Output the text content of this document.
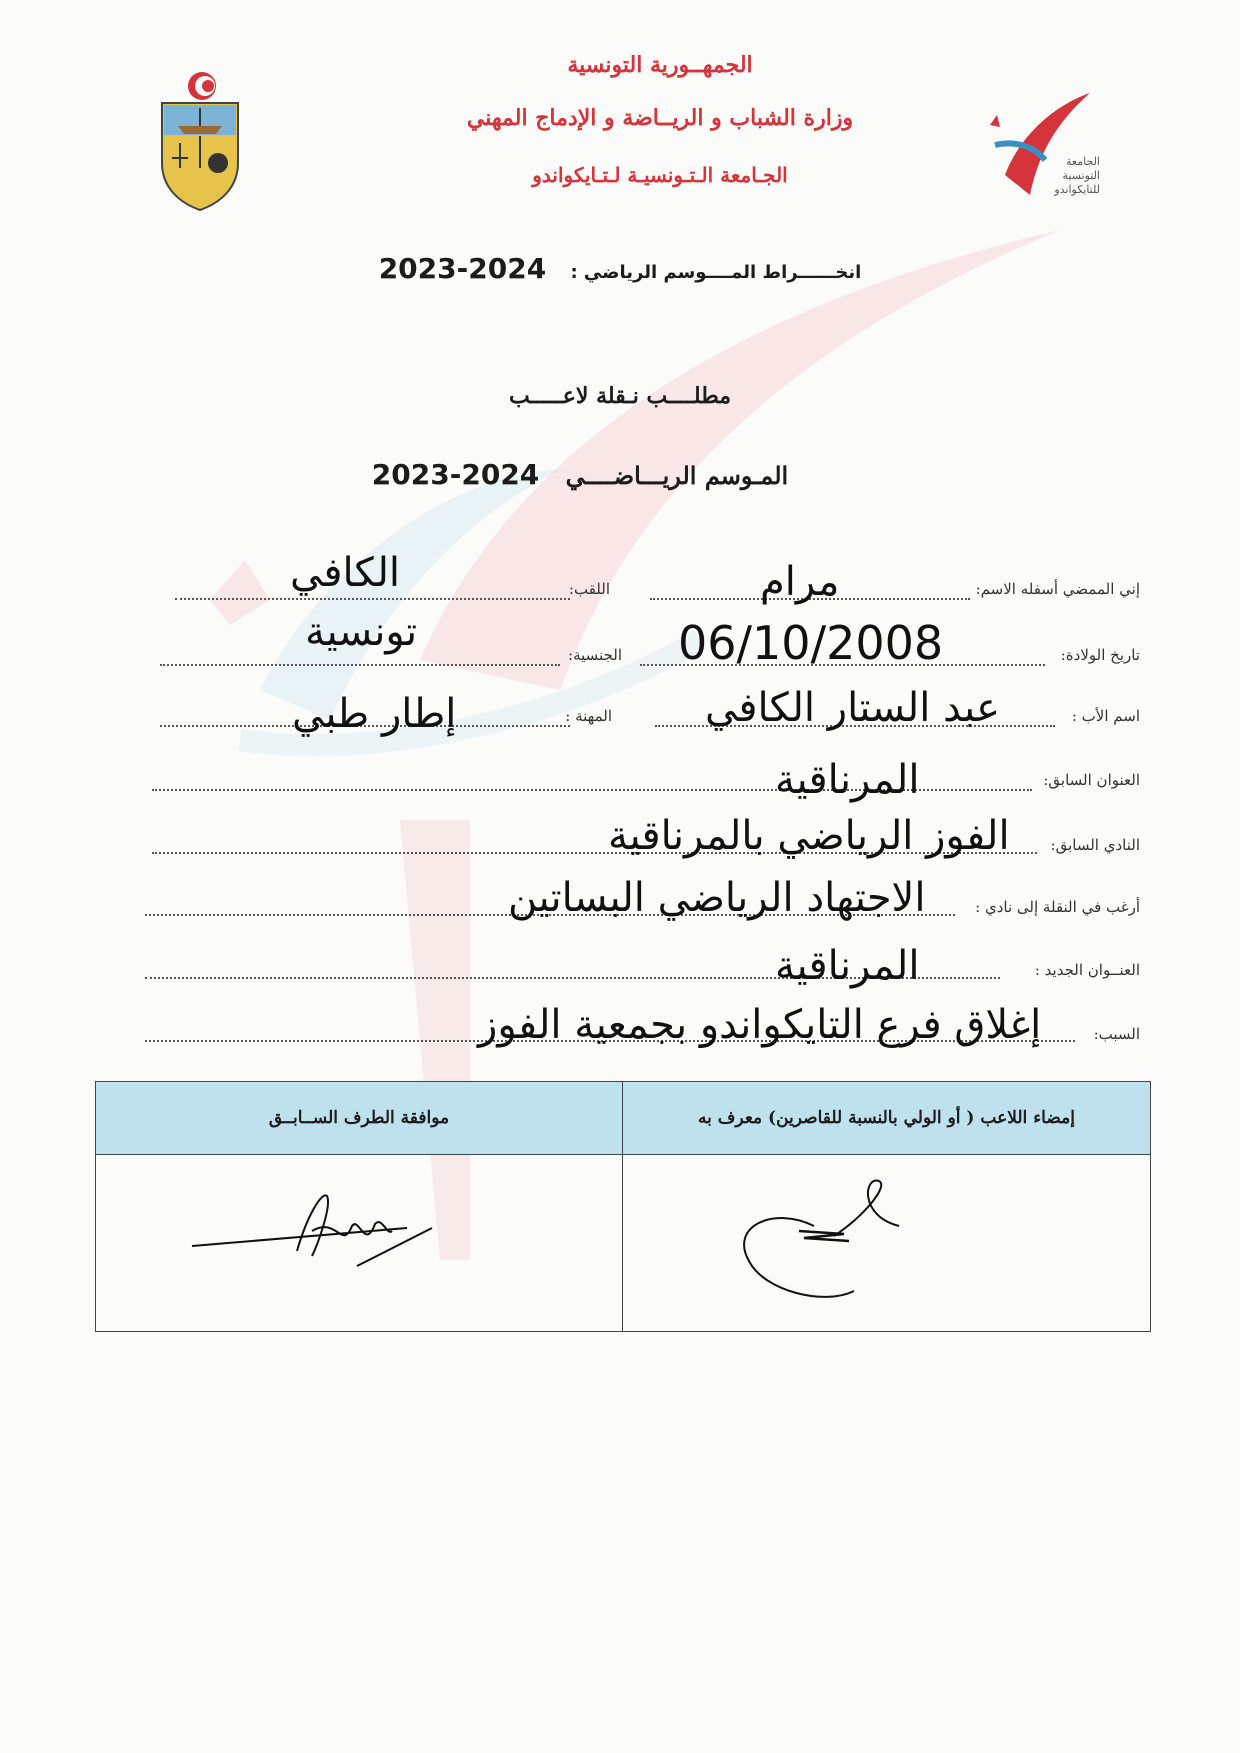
الجامعة التونسية للتايكواندو
الجمهــورية التونسية
وزارة الشباب و الريــاضة و الإدماج المهني
الجـامعة الـتـونسيـة لـتـايكواندو
انخــــــراط المــــوسم الرياضي : 2024-2023
مطلــــب نـقلة لاعـــــب
المـوسم الريـــاضــــي 2024-2023
إني الممضي أسفله الاسم:
مرام
اللقب:
الكافي
تاريخ الولادة:
06/10/2008
الجنسية:
تونسية
اسم الأب :
عبد الستار الكافي
المهنة :
إطار طبي
العنوان السابق:
المرناقية
النادي السابق:
الفوز الرياضي بالمرناقية
أرغب في النقلة إلى نادي :
الاجتهاد الرياضي البساتين
العنــوان الجديد :
المرناقية
السبب:
إغلاق فرع التايكواندو بجمعية الفوز
موافقة الطرف الســابــق	إمضاء اللاعب ( أو الولي بالنسبة للقاصرين) معرف به
